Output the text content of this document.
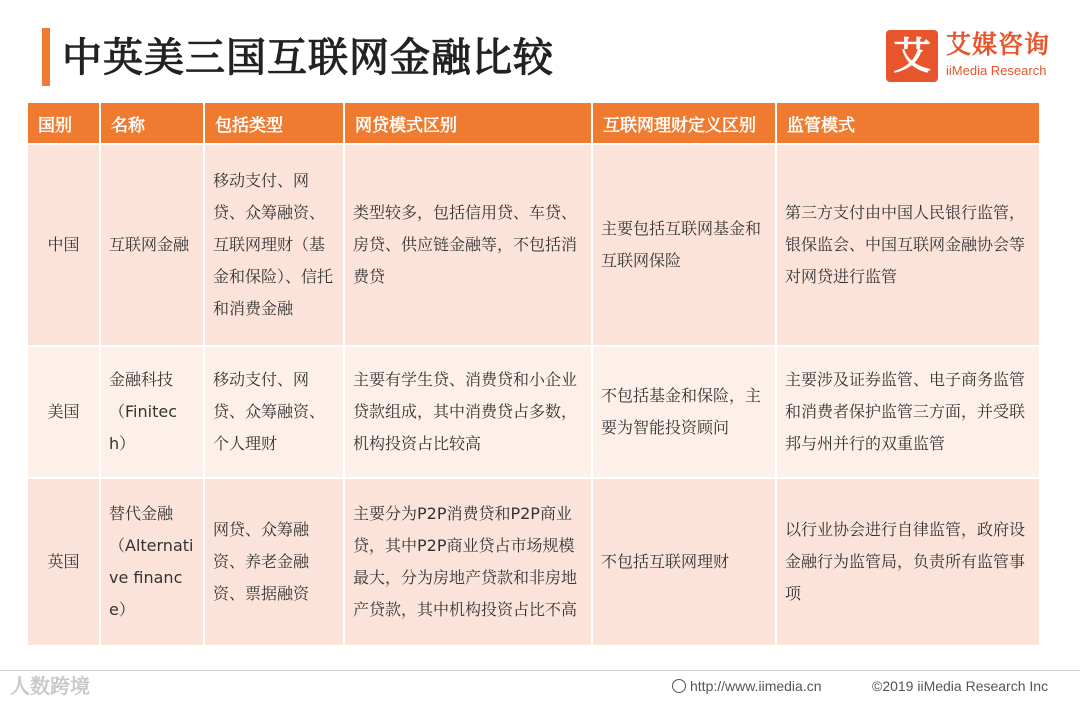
中英美三国互联网金融比较	艾 艾媒咨询
iiMedia Research
国别	名称	包括类型	网贷模式区别	互联网理财定义区别	监管模式
中国	互联网金融	移动支付、网贷、众筹融资、互联网理财（基金和保险）、信托和消费金融	类型较多，包括信用贷、车贷、房贷、供应链金融等，不包括消费贷	主要包括互联网基金和互联网保险	第三方支付由中国人民银行监管，银保监会、中国互联网金融协会等对网贷进行监管
美国	金融科技（Finitech）	移动支付、网贷、众筹融资、个人理财	主要有学生贷、消费贷和小企业贷款组成，其中消费贷占多数，机构投资占比较高	不包括基金和保险，主要为智能投资顾问	主要涉及证券监管、电子商务监管和消费者保护监管三方面，并受联邦与州并行的双重监管
英国	替代金融（Alternative finance）	网贷、众筹融资、养老金融资、票据融资	主要分为P2P消费贷和P2P商业贷，其中P2P商业贷占市场规模最大，分为房地产贷款和非房地产贷款，其中机构投资占比不高	不包括互联网理财	以行业协会进行自律监管，政府设金融行为监管局，负责所有监管事项
人数跨境	http://www.iimedia.cn	©2019 iiMedia Research Inc
